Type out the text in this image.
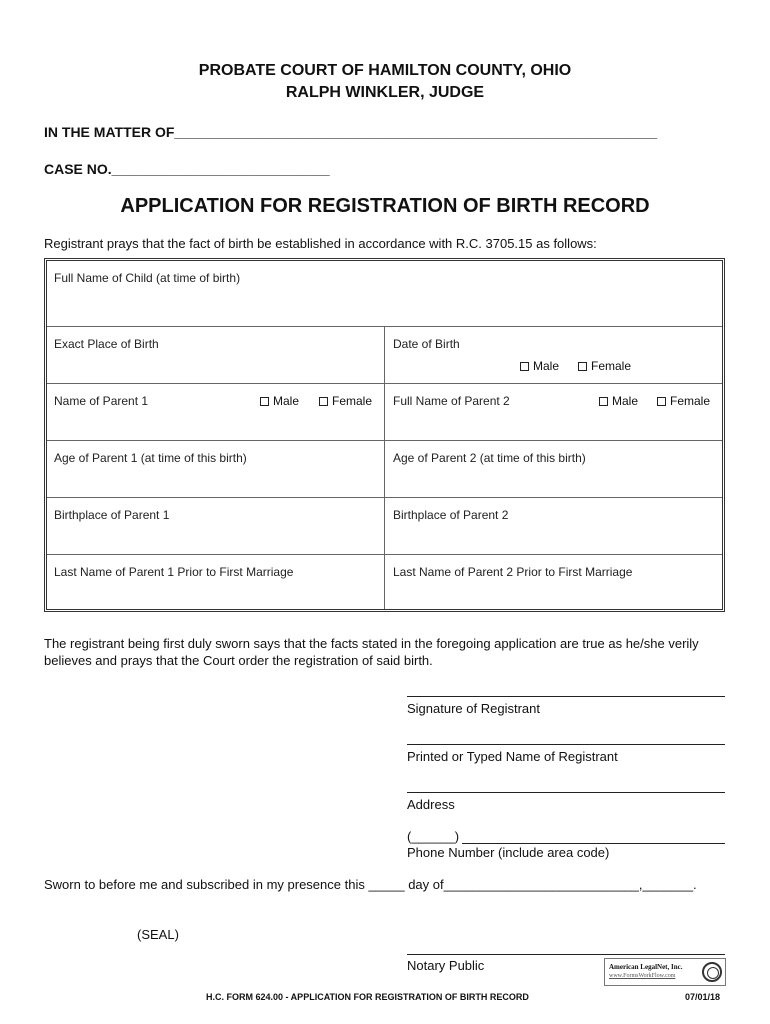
PROBATE COURT OF HAMILTON COUNTY, OHIO
RALPH WINKLER, JUDGE
IN THE MATTER OF______________________________________________________________
CASE NO.____________________________
APPLICATION FOR REGISTRATION OF BIRTH RECORD
Registrant prays that the fact of birth be established in accordance with R.C. 3705.15 as follows:
Full Name of Child (at time of birth)
Exact Place of Birth	Date of Birth
Male	Female
Name of Parent 1	Male	Female Full Name of Parent 2	Male	Female
Age of Parent 1 (at time of this birth)	Age of Parent 2 (at time of this birth)
Birthplace of Parent 1	Birthplace of Parent 2
Last Name of Parent 1 Prior to First Marriage	Last Name of Parent 2 Prior to First Marriage
The registrant being first duly sworn says that the facts stated in the foregoing application are true as he/she verily believes and prays that the Court order the registration of said birth.
Signature of Registrant
Printed or Typed Name of Registrant
Address
(______)
Phone Number (include area code)
Sworn to before me and subscribed in my presence this _____ day of___________________________,_______.
(SEAL)
Notary Public	American LegalNet, Inc.
www.FormsWorkFlow.com
H.C. FORM 624.00 - APPLICATION FOR REGISTRATION OF BIRTH RECORD	07/01/18
